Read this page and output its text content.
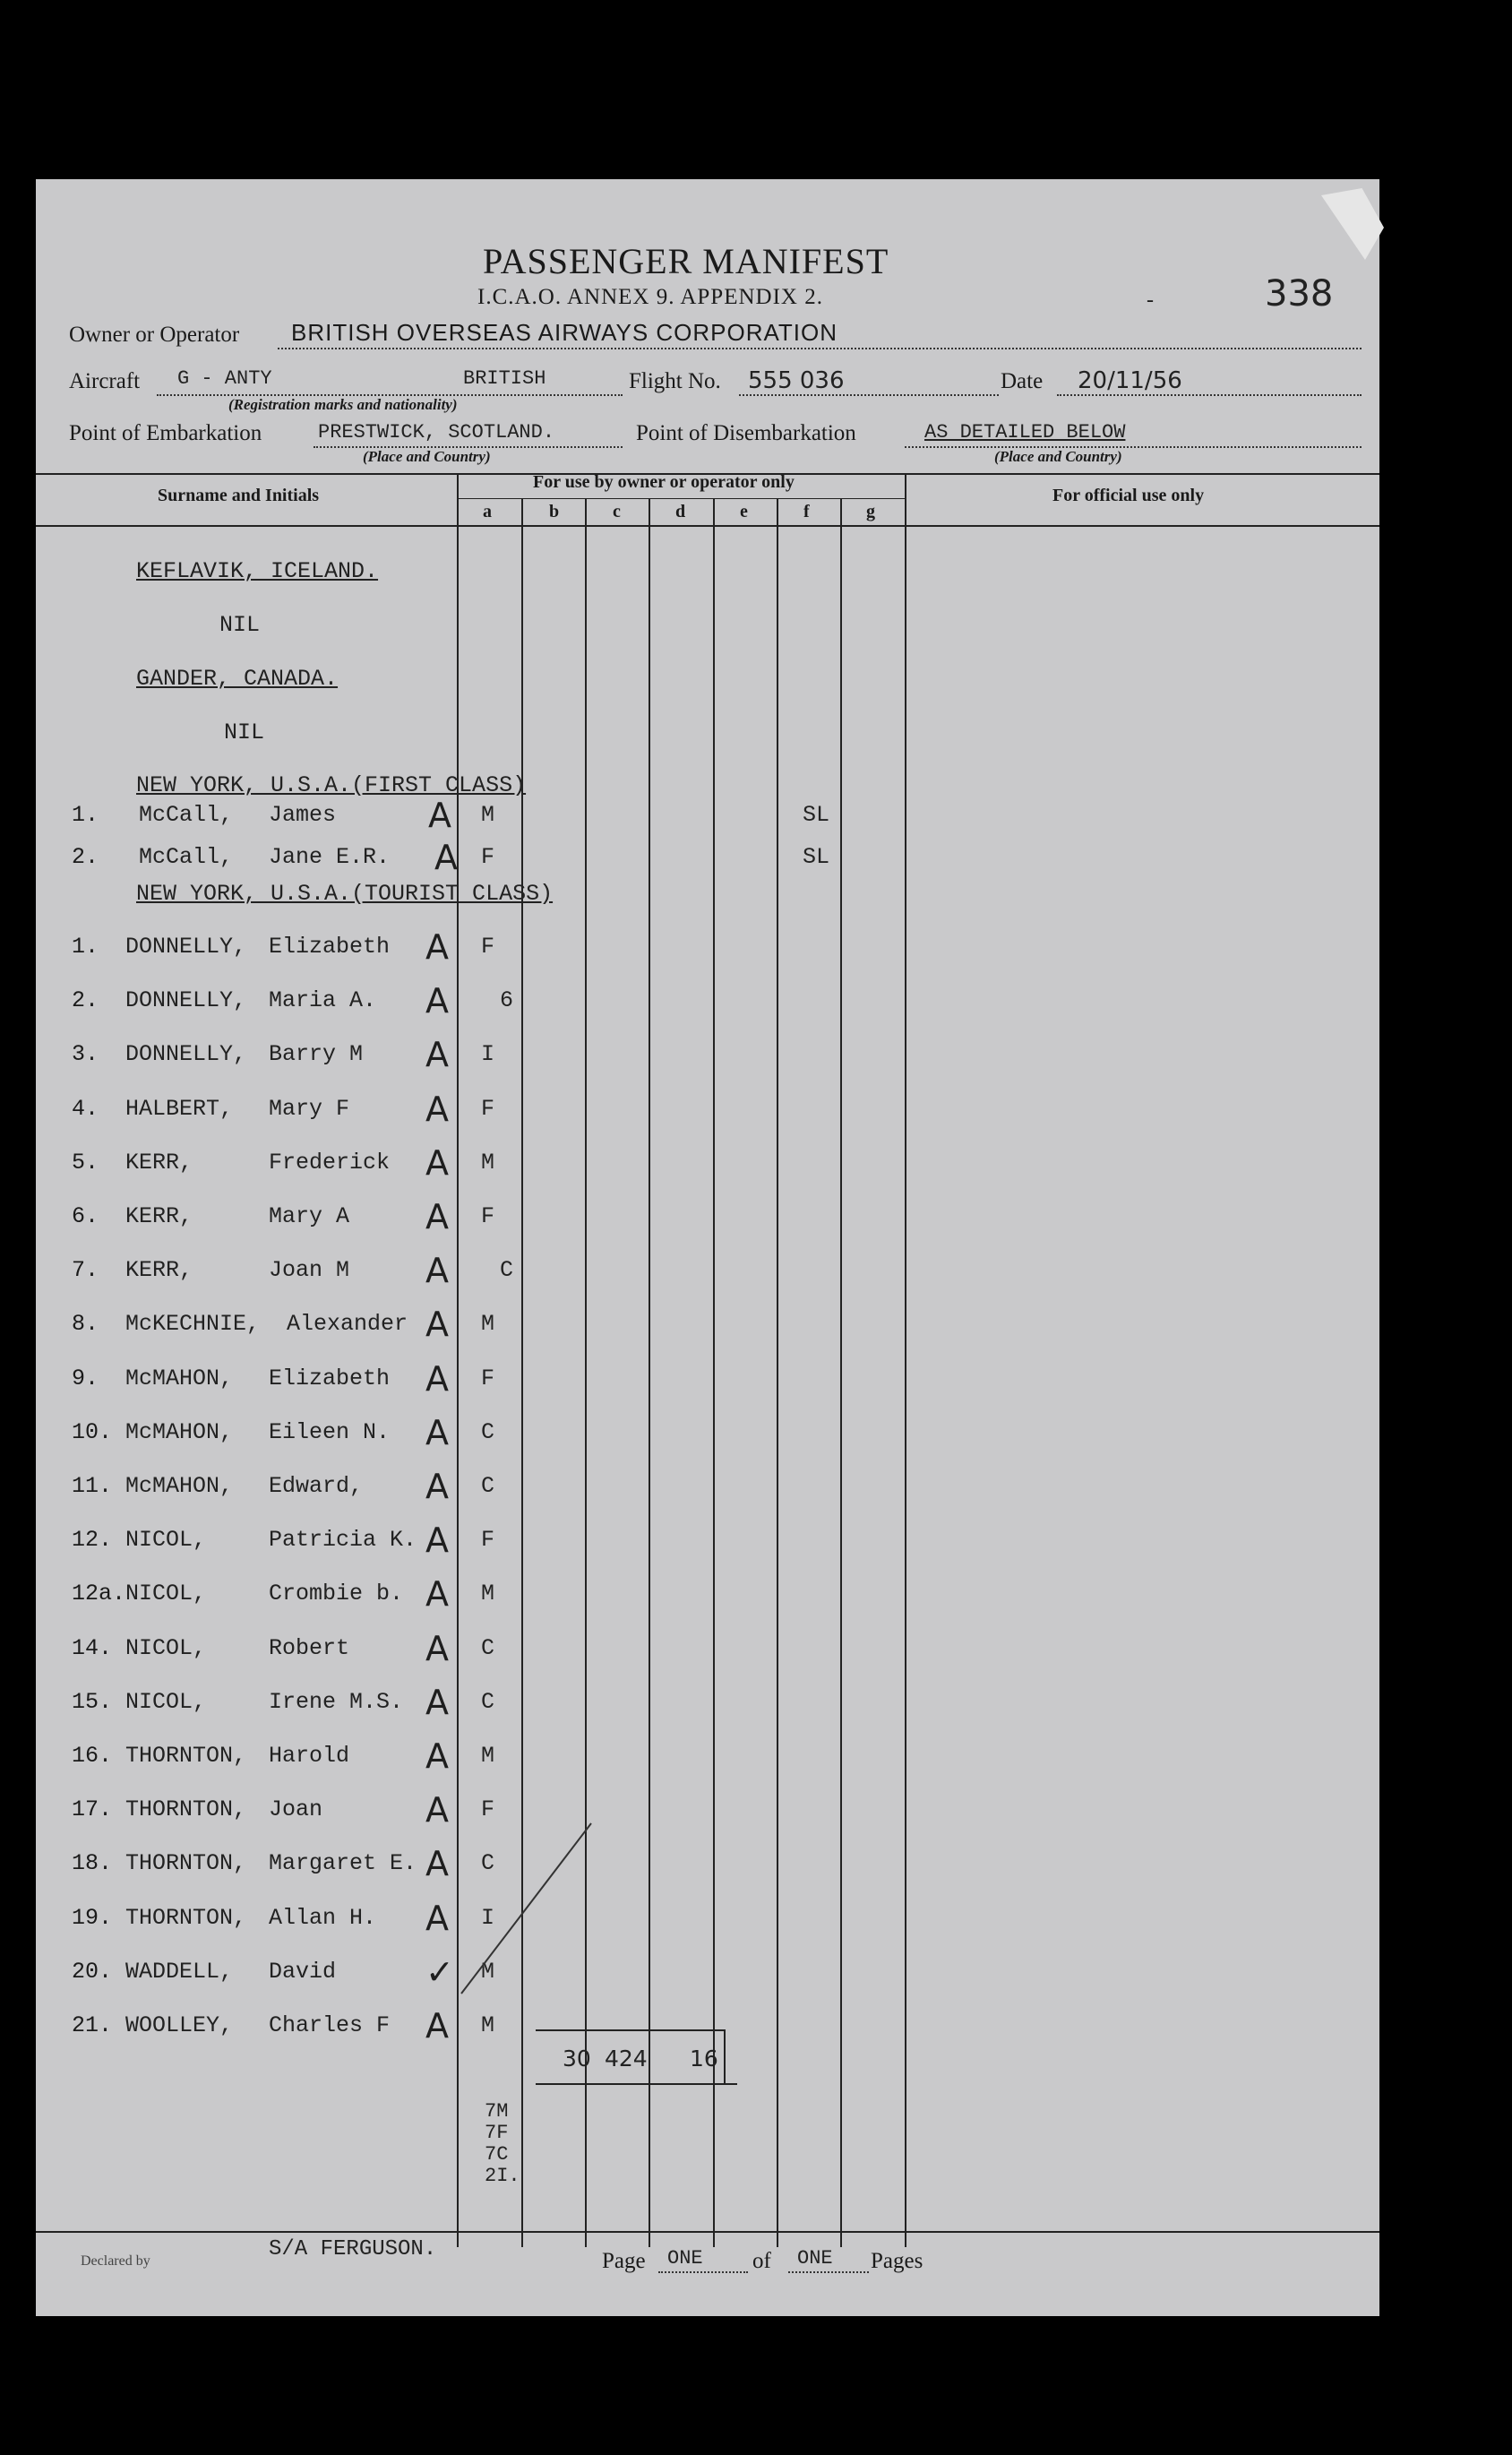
PASSENGER MANIFEST
I.C.A.O. ANNEX 9. APPENDIX 2.	-	338
Owner or Operator BRITISH OVERSEAS AIRWAYS CORPORATION
Aircraft G - ANTY	BRITISH
(Registration marks and nationality)
Flight No. 555 036	Date 20/11/56
Point of Embarkation	PRESTWICK, SCOTLAND.
(Place and Country)
Point of Disembarkation	AS DETAILED BELOW
(Place and Country)
Surname and Initials
For use by owner or operator only
For official use only
a	b	c	d	e	f	g
KEFLAVIK, ICELAND.
NIL
GANDER, CANADA.
NIL
NEW YORK, U.S.A.(FIRST CLASS)
1. McCall, James	A M	SL
2. McCall, Jane E.R. A F	SL
NEW YORK, U.S.A.(TOURIST CLASS)
1. DONNELLY, Elizabeth A F
2. DONNELLY, Maria A. A 6
3. DONNELLY, Barry M A I
4. HALBERT, Mary F A F
5. KERR,	Frederick A M
6. KERR,	Mary A A F
7. KERR,	Joan M A C
8. McKECHNIE, Alexander A M
9. McMAHON, Elizabeth A F
10. McMAHON, Eileen N. A C
11. McMAHON, Edward, A C
12. NICOL,	Patricia K. A F
12a. NICOL,	Crombie b. A M
14. NICOL,	Robert A C
15. NICOL,	Irene M.S. A C
16. THORNTON, Harold A M
17. THORNTON, Joan	A F
18. THORNTON, Margaret E. A C
19. THORNTON, Allan H. A I
20. WADDELL, David	✓ M
21. WOOLLEY, Charles F A M
30 424 16
7M
7F
7C
2I.
Declared by	S/A FERGUSON.	Page ONE of ONE Pages
